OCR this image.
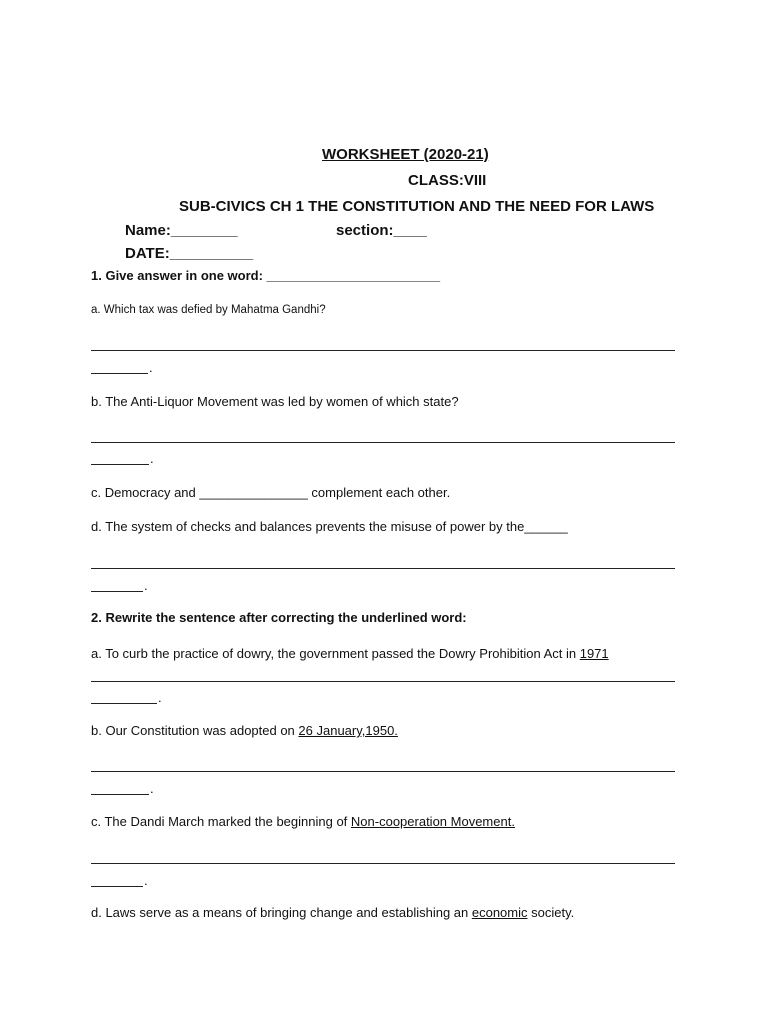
WORKSHEET (2020-21)
CLASS:VIII
SUB-CIVICS CH 1 THE CONSTITUTION AND THE NEED FOR LAWS
Name:________	section:____
DATE:__________
1. Give answer in one word: ________________________
a. Which tax was defied by Mahatma Gandhi?
.
b. The Anti-Liquor Movement was led by women of which state?
.
c. Democracy and _______________ complement each other.
d. The system of checks and balances prevents the misuse of power by the______
.
2. Rewrite the sentence after correcting the underlined word:
a. To curb the practice of dowry, the government passed the Dowry Prohibition Act in 1971
.
b. Our Constitution was adopted on 26 January,1950.
.
c. The Dandi March marked the beginning of Non-cooperation Movement.
.
d. Laws serve as a means of bringing change and establishing an economic society.
